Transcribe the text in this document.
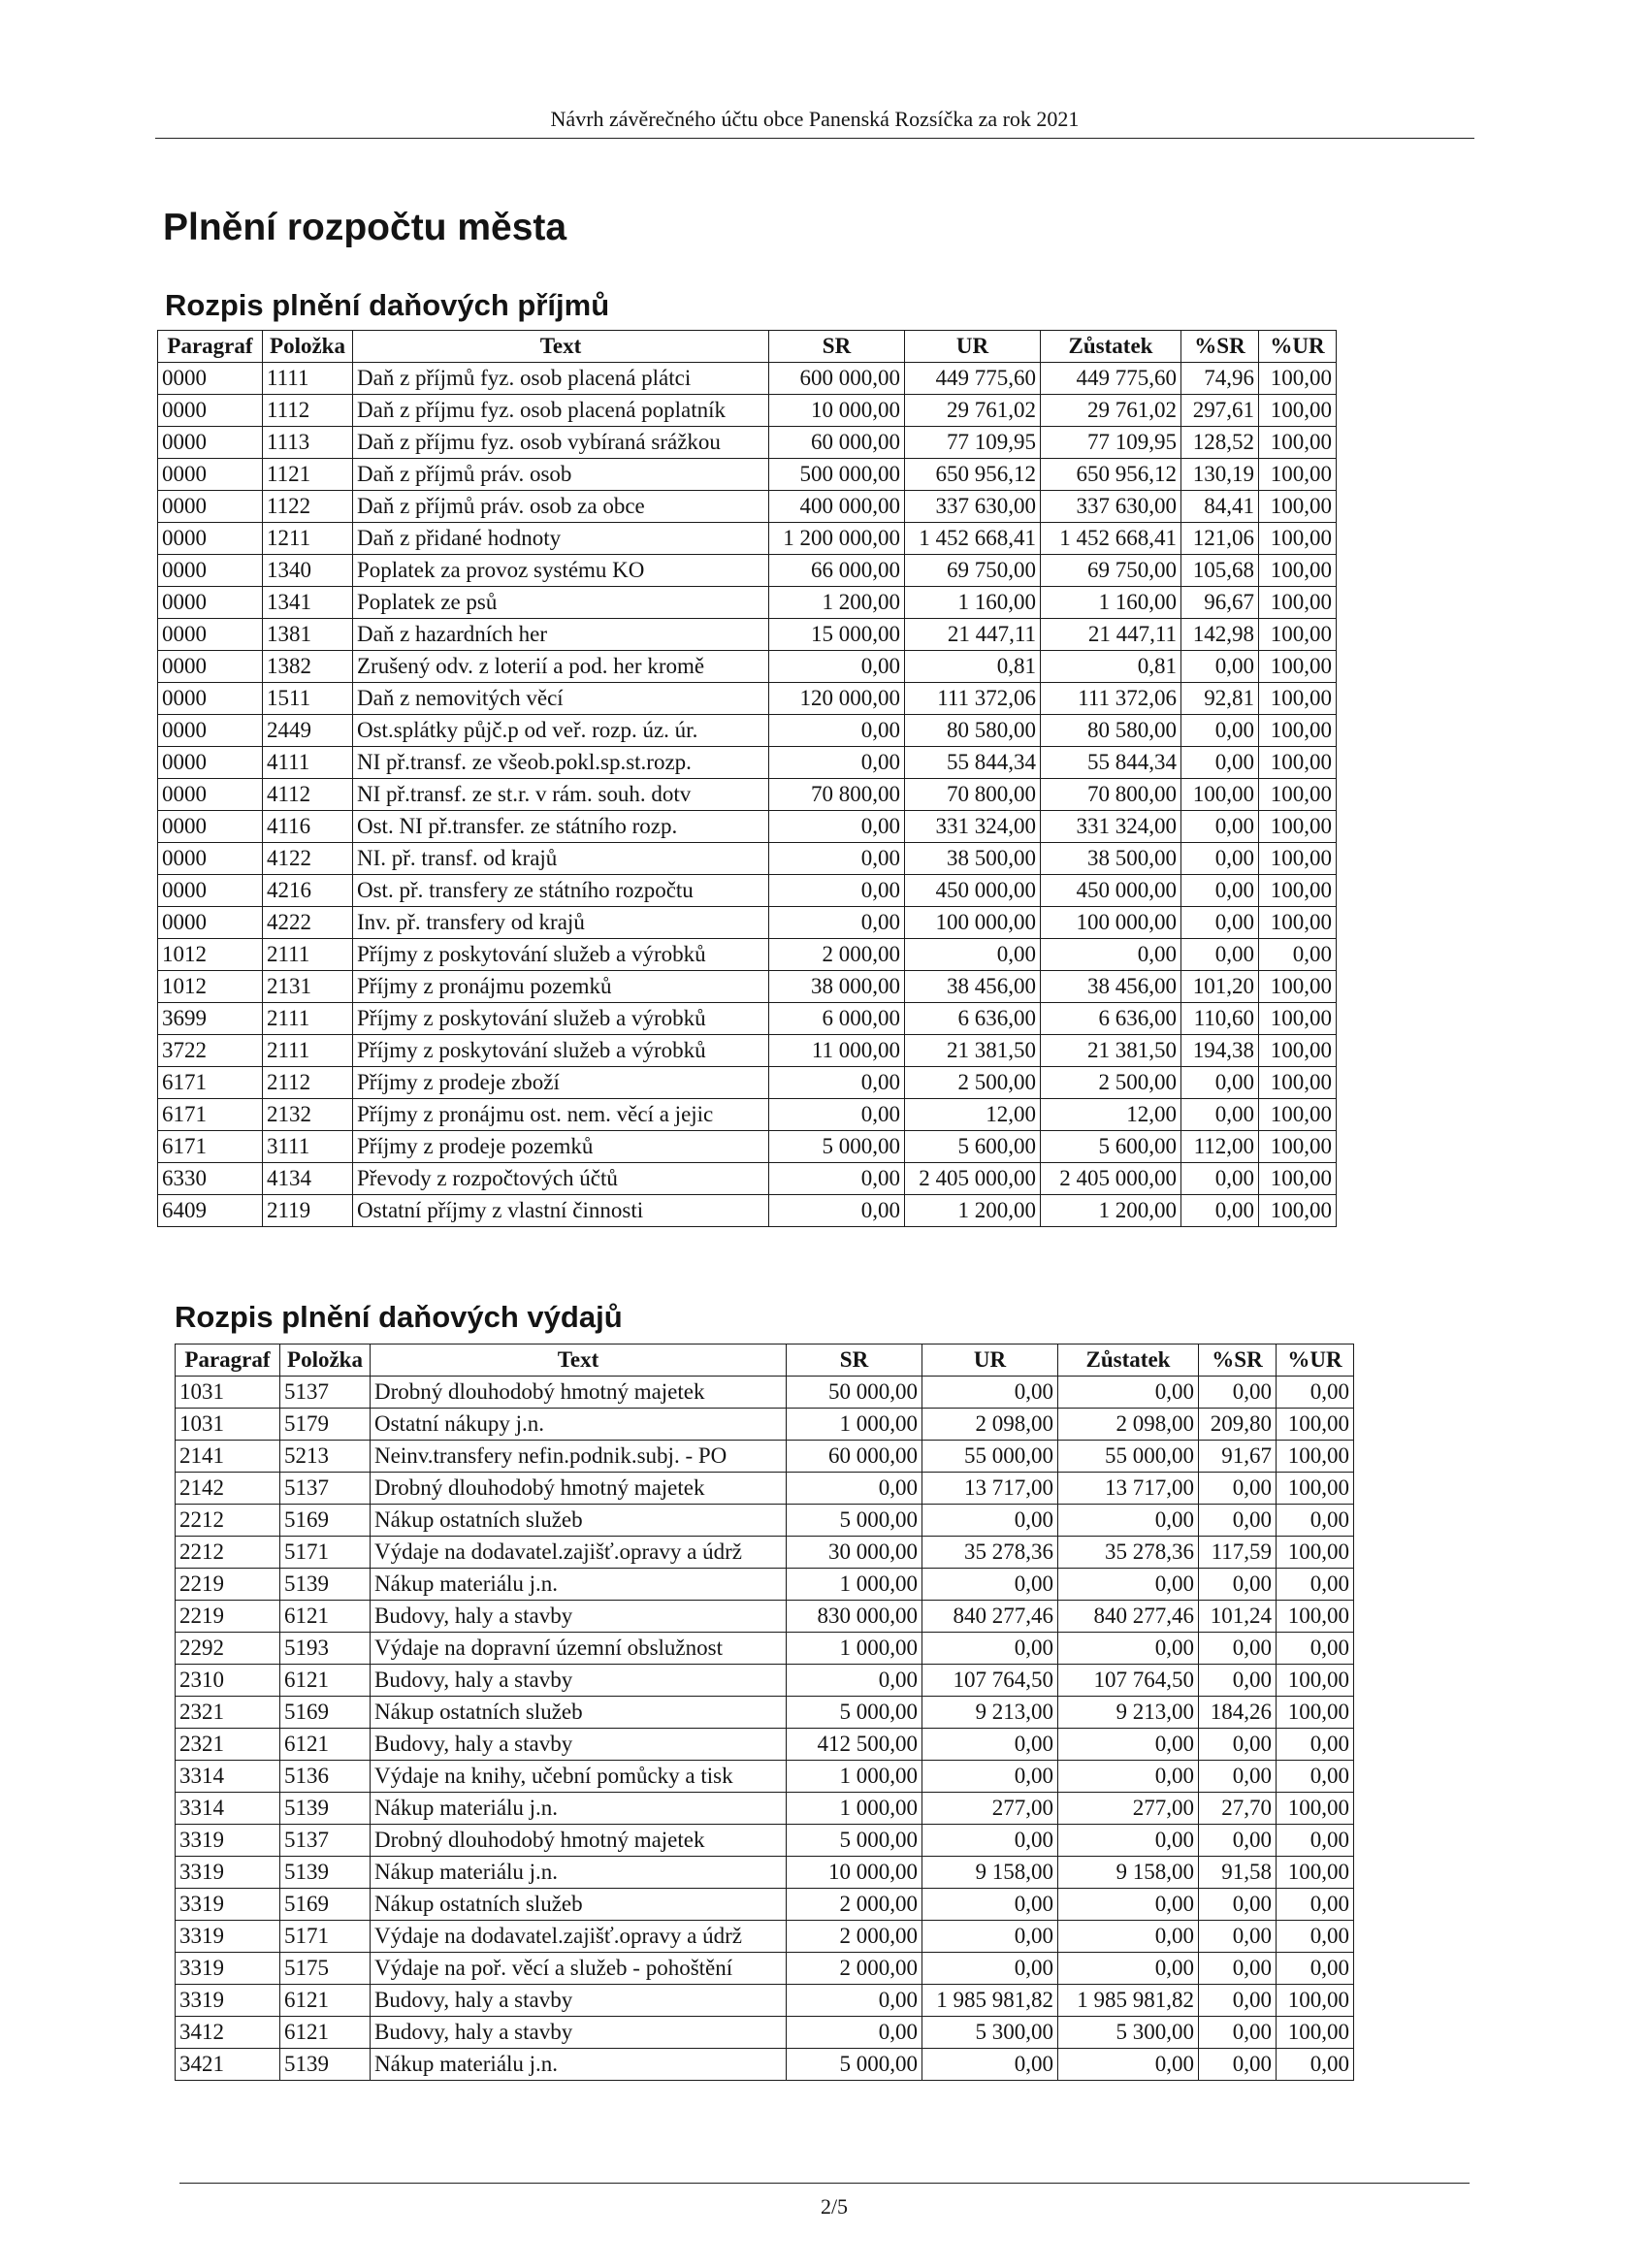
Návrh závěrečného účtu obce Panenská Rozsíčka za rok 2021
Plnění rozpočtu města
Rozpis plnění daňových příjmů
Paragraf	Položka	Text	SR	UR	Zůstatek	%SR	%UR
0000	1111	Daň z příjmů fyz. osob placená plátci	600 000,00	449 775,60	449 775,60	74,96	100,00
0000	1112	Daň z příjmu fyz. osob placená poplatník	10 000,00	29 761,02	29 761,02	297,61	100,00
0000	1113	Daň z příjmu fyz. osob vybíraná srážkou	60 000,00	77 109,95	77 109,95	128,52	100,00
0000	1121	Daň z příjmů práv. osob	500 000,00	650 956,12	650 956,12	130,19	100,00
0000	1122	Daň z příjmů práv. osob za obce	400 000,00	337 630,00	337 630,00	84,41	100,00
0000	1211	Daň z přidané hodnoty	1 200 000,00	1 452 668,41	1 452 668,41	121,06	100,00
0000	1340	Poplatek za provoz systému KO	66 000,00	69 750,00	69 750,00	105,68	100,00
0000	1341	Poplatek ze psů	1 200,00	1 160,00	1 160,00	96,67	100,00
0000	1381	Daň z hazardních her	15 000,00	21 447,11	21 447,11	142,98	100,00
0000	1382	Zrušený odv. z loterií a pod. her kromě	0,00	0,81	0,81	0,00	100,00
0000	1511	Daň z nemovitých věcí	120 000,00	111 372,06	111 372,06	92,81	100,00
0000	2449	Ost.splátky půjč.p od veř. rozp. úz. úr.	0,00	80 580,00	80 580,00	0,00	100,00
0000	4111	NI př.transf. ze všeob.pokl.sp.st.rozp.	0,00	55 844,34	55 844,34	0,00	100,00
0000	4112	NI př.transf. ze st.r. v rám. souh. dotv	70 800,00	70 800,00	70 800,00	100,00	100,00
0000	4116	Ost. NI př.transfer. ze státního rozp.	0,00	331 324,00	331 324,00	0,00	100,00
0000	4122	NI. př. transf. od krajů	0,00	38 500,00	38 500,00	0,00	100,00
0000	4216	Ost. př. transfery ze státního rozpočtu	0,00	450 000,00	450 000,00	0,00	100,00
0000	4222	Inv. př. transfery od krajů	0,00	100 000,00	100 000,00	0,00	100,00
1012	2111	Příjmy z poskytování služeb a výrobků	2 000,00	0,00	0,00	0,00	0,00
1012	2131	Příjmy z pronájmu pozemků	38 000,00	38 456,00	38 456,00	101,20	100,00
3699	2111	Příjmy z poskytování služeb a výrobků	6 000,00	6 636,00	6 636,00	110,60	100,00
3722	2111	Příjmy z poskytování služeb a výrobků	11 000,00	21 381,50	21 381,50	194,38	100,00
6171	2112	Příjmy z prodeje zboží	0,00	2 500,00	2 500,00	0,00	100,00
6171	2132	Příjmy z pronájmu ost. nem. věcí a jejic	0,00	12,00	12,00	0,00	100,00
6171	3111	Příjmy z prodeje pozemků	5 000,00	5 600,00	5 600,00	112,00	100,00
6330	4134	Převody z rozpočtových účtů	0,00	2 405 000,00	2 405 000,00	0,00	100,00
6409	2119	Ostatní příjmy z vlastní činnosti	0,00	1 200,00	1 200,00	0,00	100,00
Rozpis plnění daňových výdajů
Paragraf	Položka	Text	SR	UR	Zůstatek	%SR	%UR
1031	5137	Drobný dlouhodobý hmotný majetek	50 000,00	0,00	0,00	0,00	0,00
1031	5179	Ostatní nákupy j.n.	1 000,00	2 098,00	2 098,00	209,80	100,00
2141	5213	Neinv.transfery nefin.podnik.subj. - PO	60 000,00	55 000,00	55 000,00	91,67	100,00
2142	5137	Drobný dlouhodobý hmotný majetek	0,00	13 717,00	13 717,00	0,00	100,00
2212	5169	Nákup ostatních služeb	5 000,00	0,00	0,00	0,00	0,00
2212	5171	Výdaje na dodavatel.zajišť.opravy a údrž	30 000,00	35 278,36	35 278,36	117,59	100,00
2219	5139	Nákup materiálu j.n.	1 000,00	0,00	0,00	0,00	0,00
2219	6121	Budovy, haly a stavby	830 000,00	840 277,46	840 277,46	101,24	100,00
2292	5193	Výdaje na dopravní územní obslužnost	1 000,00	0,00	0,00	0,00	0,00
2310	6121	Budovy, haly a stavby	0,00	107 764,50	107 764,50	0,00	100,00
2321	5169	Nákup ostatních služeb	5 000,00	9 213,00	9 213,00	184,26	100,00
2321	6121	Budovy, haly a stavby	412 500,00	0,00	0,00	0,00	0,00
3314	5136	Výdaje na knihy, učební pomůcky a tisk	1 000,00	0,00	0,00	0,00	0,00
3314	5139	Nákup materiálu j.n.	1 000,00	277,00	277,00	27,70	100,00
3319	5137	Drobný dlouhodobý hmotný majetek	5 000,00	0,00	0,00	0,00	0,00
3319	5139	Nákup materiálu j.n.	10 000,00	9 158,00	9 158,00	91,58	100,00
3319	5169	Nákup ostatních služeb	2 000,00	0,00	0,00	0,00	0,00
3319	5171	Výdaje na dodavatel.zajišť.opravy a údrž	2 000,00	0,00	0,00	0,00	0,00
3319	5175	Výdaje na poř. věcí a služeb - pohoštění	2 000,00	0,00	0,00	0,00	0,00
3319	6121	Budovy, haly a stavby	0,00	1 985 981,82	1 985 981,82	0,00	100,00
3412	6121	Budovy, haly a stavby	0,00	5 300,00	5 300,00	0,00	100,00
3421	5139	Nákup materiálu j.n.	5 000,00	0,00	0,00	0,00	0,00
2/5
